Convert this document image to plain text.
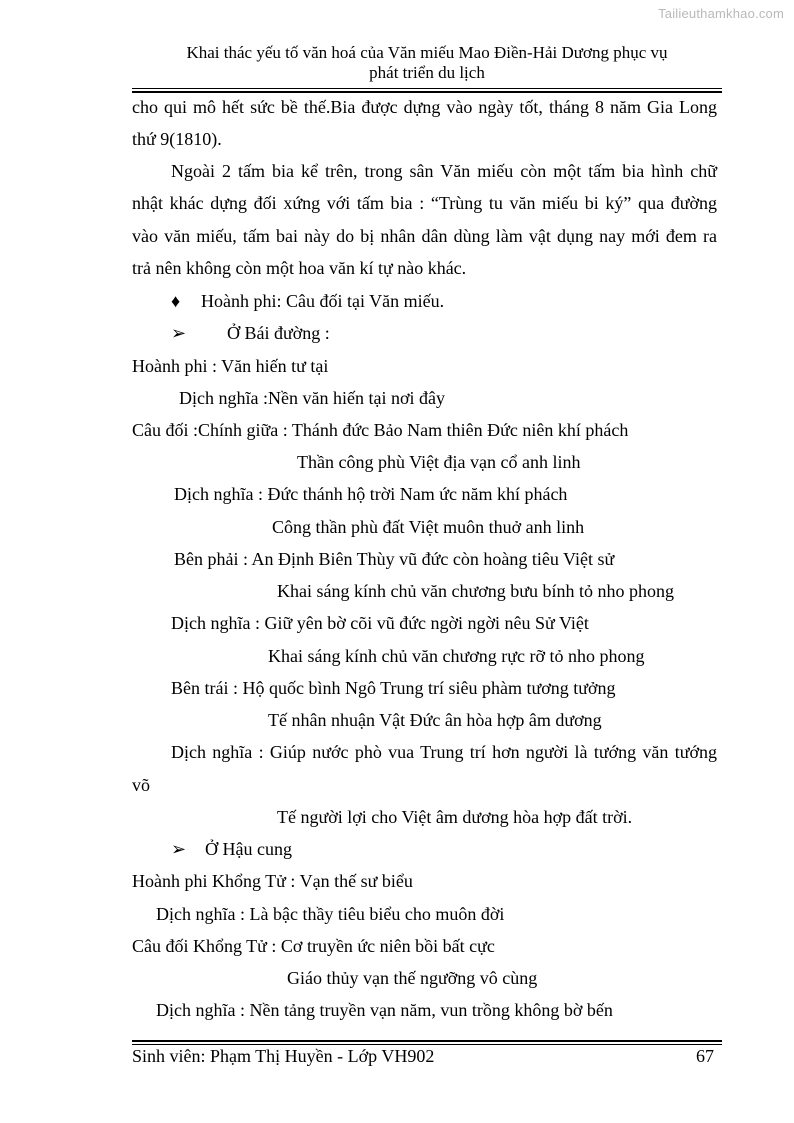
Tailieuthamkhao.com
Khai thác yếu tố văn hoá của Văn miếu Mao Điền-Hải Dương phục vụ
phát triển du lịch
cho qui mô hết sức bề thế.Bia được dựng vào ngày tốt, tháng 8 năm Gia Long
thứ 9(1810).
Ngoài 2 tấm bia kể trên, trong sân Văn miếu còn một tấm bia hình chữ
nhật khác dựng đối xứng với tấm bia : “Trùng tu văn miếu bi ký” qua đường
vào văn miếu, tấm bai này do bị nhân dân dùng làm vật dụng nay mới đem ra
trả nên không còn một hoa văn kí tự nào khác.
♦ Hoành phi: Câu đối tại Văn miếu.
➢ Ở Bái đường :
Hoành phi : Văn hiến tư tại
Dịch nghĩa :Nền văn hiến tại nơi đây
Câu đối :Chính giữa : Thánh đức Bảo Nam thiên Đức niên khí phách
Thần công phù Việt địa vạn cổ anh linh
Dịch nghĩa : Đức thánh hộ trời Nam ức năm khí phách
Công thần phù đất Việt muôn thuở anh linh
Bên phải : An Định Biên Thùy vũ đức còn hoàng tiêu Việt sử
Khai sáng kính chủ văn chương bưu bính tỏ nho phong
Dịch nghĩa : Giữ yên bờ cõi vũ đức ngời ngời nêu Sử Việt
Khai sáng kính chủ văn chương rực rỡ tỏ nho phong
Bên trái : Hộ quốc bình Ngô Trung trí siêu phàm tương tưởng
Tế nhân nhuận Vật Đức ân hòa hợp âm dương
Dịch nghĩa : Giúp nước phò vua Trung trí hơn người là tướng văn tướng
võ
Tế người lợi cho Việt âm dương hòa hợp đất trời.
➢ Ở Hậu cung
Hoành phi Khổng Tử : Vạn thế sư biểu
Dịch nghĩa : Là bậc thầy tiêu biểu cho muôn đời
Câu đối Khổng Tử : Cơ truyền ức niên bồi bất cực
Giáo thủy vạn thế ngưỡng vô cùng
Dịch nghĩa : Nền tảng truyền vạn năm, vun trồng không bờ bến
Sinh viên: Phạm Thị Huyền - Lớp VH902	67
